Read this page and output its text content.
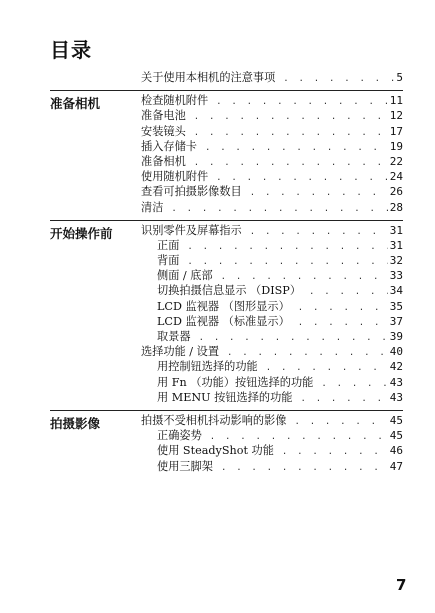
目录
关于使用本相机的注意事项 . . .	5
准备相机	检查随机附件 . . .	11
准备电池 . . .	12
安装镜头 . . .	17
插入存储卡 . . .	19
准备相机 . . .	22
使用随机附件 . . .	24
查看可拍摄影像数目 . . .	26
清洁 . . .	28
开始操作前	识别零件及屏幕指示 . . .	31
正面 . . .	31
背面 . . .	32
侧面 / 底部 . . .	33
切换拍摄信息显示 （DISP） . . .	34
LCD 监视器 （图形显示） . . .	35
LCD 监视器 （标准显示） . . .	37
取景器 . . .	39
选择功能 / 设置 . . .	40
用控制钮选择的功能 . . .	42
用 Fn （功能）按钮选择的功能 . . .	43
用 MENU 按钮选择的功能 . . .	43
拍摄影像	拍摄不受相机抖动影响的影像 . . .	45
正确姿势 . . .	45
使用 SteadyShot 功能 . . .	46
使用三脚架 . . .	47
7
